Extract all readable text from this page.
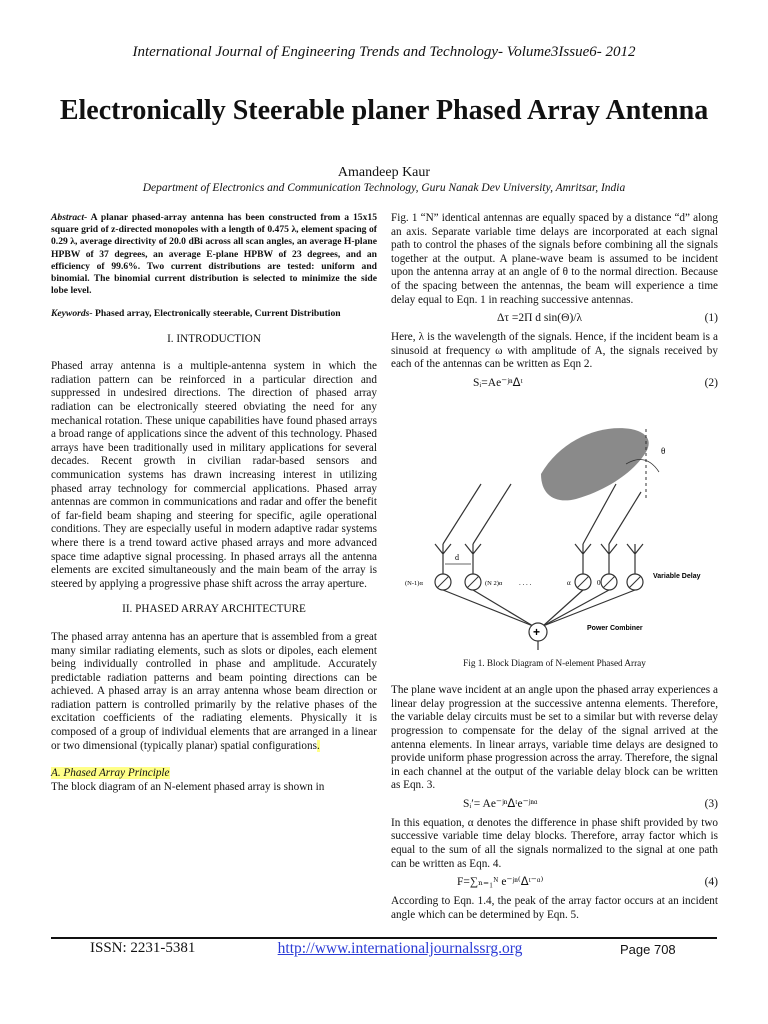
International Journal of Engineering Trends and Technology- Volume3Issue6- 2012
Electronically Steerable planer Phased Array Antenna
Amandeep Kaur
Department of Electronics and Communication Technology, Guru Nanak Dev University, Amritsar, India

Abstract- A planar phased-array antenna has been constructed from a 15x15 square grid of z-directed monopoles with a length of 0.475 λ, element spacing of 0.29 λ, average directivity of 20.0 dBi across all scan angles, an average H-plane HPBW of 37 degrees, an average E-plane HPBW of 23 degrees, and an efficiency of 99.6%. Two current distributions are tested: uniform and binomial. The binomial current distribution is selected to minimize the side lobe level.

Keywords- Phased array, Electronically steerable, Current Distribution

I. INTRODUCTION

Phased array antenna is a multiple-antenna system in which the radiation pattern can be reinforced in a particular direction and suppressed in undesired directions. The direction of phased array radiation can be electronically steered obviating the need for any mechanical rotation. These unique capabilities have found phased arrays a broad range of applications since the advent of this technology. Phased arrays have been traditionally used in military applications for several decades. Recent growth in civilian radar-based sensors and communication systems has drawn increasing interest in utilizing phased array technology for commercial applications. Phased array antennas are common in communications and radar and offer the benefit of far-field beam shaping and steering for specific, agile operational conditions. They are especially useful in modern adaptive radar systems where there is a trend toward active phased arrays and more advanced space time adaptive signal processing. In phased arrays all the antenna elements are excited simultaneously and the main beam of the array is steered by applying a progressive phase shift across the array aperture.

II. PHASED ARRAY ARCHITECTURE

The phased array antenna has an aperture that is assembled from a great many similar radiating elements, such as slots or dipoles, each element being individually controlled in phase and amplitude. Accurately predictable radiation patterns and beam pointing directions can be achieved. A phased array is an array antenna whose beam direction or radiation pattern is controlled primarily by the relative phases of the excitation coefficients of the radiating elements. Physically it is composed of a group of individual elements that are arranged in a linear or two dimensional (typically planar) spatial configurations.

A. Phased Array Principle

The block diagram of an N-element phased array is shown in

Fig. 1 “N” identical antennas are equally spaced by a distance “d” along an axis. Separate variable time delays are incorporated at each signal path to control the phases of the signals before combining all the signals together at the output. A plane-wave beam is assumed to be incident upon the antenna array at an angle of θ to the normal direction. Because of the spacing between the antennas, the beam will experience a time delay equal to Eqn. 1 in reaching successive antennas.

Δτ =2Π d sin(Θ)/λ	(1)

Here, λ is the wavelength of the signals. Hence, if the incident beam is a sinusoid at frequency ω with amplitude of A, the signals received by each of the antennas can be written as Eqn 2.

Sᵢ=Ae⁻ʲⁿᐃᵗ	(2)
θ
d
(N-1)α	(N 2)α . . . .	α	0
Variable Delay
+	Power Combiner
Fig 1. Block Diagram of N-element Phased Array

The plane wave incident at an angle upon the phased array experiences a linear delay progression at the successive antenna elements. Therefore, the variable delay circuits must be set to a similar but with reverse delay progression to compensate for the delay of the signal arrived at the antenna elements. In linear arrays, variable time delays are designed to provide uniform phase progression across the array. Therefore, the signal in each channel at the output of the variable delay block can be written as Eqn. 3.

Sᵢ′= Ae⁻ʲⁿᐃᵗe⁻ʲⁿᵅ	(3)

In this equation, α denotes the difference in phase shift provided by two successive variable time delay blocks. Therefore, array factor which is equal to the sum of all the signals normalized to the signal at one path can be written as Eqn. 4.

F=∑ₙ₌₁ᴺ e⁻ʲⁿ⁽ᐃᵗ⁻ᵅ⁾	(4)

According to Eqn. 1.4, the peak of the array factor occurs at an incident angle which can be determined by Eqn. 5.

ISSN: 2231-5381	http://www.internationaljournalssrg.org	Page 708
